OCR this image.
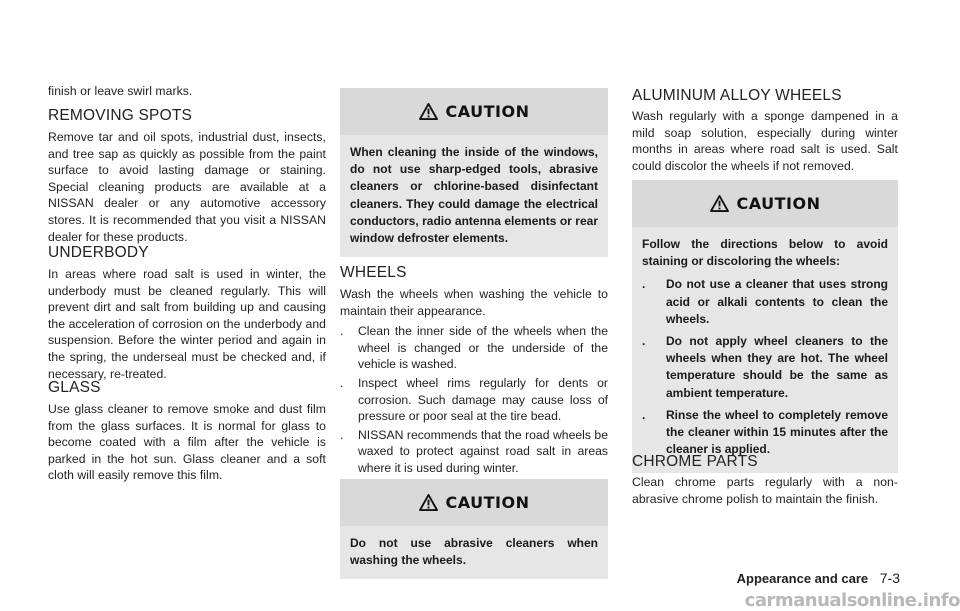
finish or leave swirl marks.

REMOVING SPOTS

Remove tar and oil spots, industrial dust, insects, and tree sap as quickly as possible from the paint surface to avoid lasting damage or staining. Special cleaning products are available at a NISSAN dealer or any automotive accessory stores. It is recommended that you visit a NISSAN dealer for these products.

UNDERBODY

In areas where road salt is used in winter, the underbody must be cleaned regularly. This will prevent dirt and salt from building up and causing the acceleration of corrosion on the underbody and suspension. Before the winter period and again in the spring, the underseal must be checked and, if necessary, re-treated.

GLASS

Use glass cleaner to remove smoke and dust film from the glass surfaces. It is normal for glass to become coated with a film after the vehicle is parked in the hot sun. Glass cleaner and a soft cloth will easily remove this film.

CAUTION
When cleaning the inside of the windows, do not use sharp-edged tools, abrasive cleaners or chlorine-based disinfectant cleaners. They could damage the electrical conductors, radio antenna elements or rear window defroster elements.
WHEELS

Wash the wheels when washing the vehicle to maintain their appearance.

. Clean the inner side of the wheels when the wheel is changed or the underside of the vehicle is washed.
. Inspect wheel rims regularly for dents or corrosion. Such damage may cause loss of pressure or poor seal at the tire bead.
. NISSAN recommends that the road wheels be waxed to protect against road salt in areas where it is used during winter.
CAUTION
Do not use abrasive cleaners when washing the wheels.
ALUMINUM ALLOY WHEELS

Wash regularly with a sponge dampened in a mild soap solution, especially during winter months in areas where road salt is used. Salt could discolor the wheels if not removed.

CAUTION
Follow the directions below to avoid staining or discoloring the wheels:
. Do not use a cleaner that uses strong acid or alkali contents to clean the wheels.
. Do not apply wheel cleaners to the wheels when they are hot. The wheel temperature should be the same as ambient temperature.
. Rinse the wheel to completely remove the cleaner within 15 minutes after the cleaner is applied.
CHROME PARTS

Clean chrome parts regularly with a non-abrasive chrome polish to maintain the finish.

Appearance and care 7-3
carmanualsonline.info
